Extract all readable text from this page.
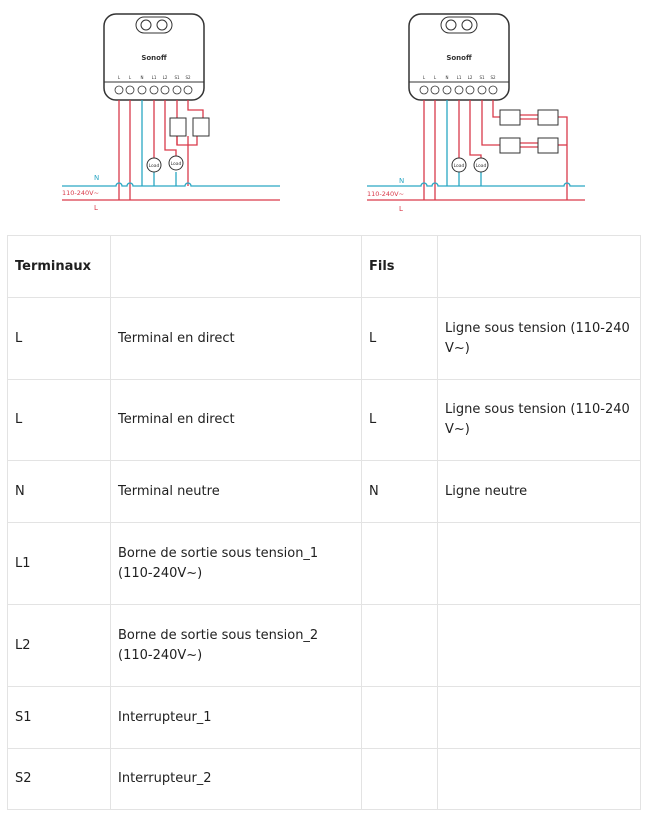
Sonoff
L L N L1 L2 S1 S2
Load Load
N
110-240V~
L
Sonoff
L L N L1 L2 S1 S2
Load Load
N
110-240V~
L
Terminaux		Fils	
L	Terminal en direct	L	Ligne sous tension (110-240 V~)
L	Terminal en direct	L	Ligne sous tension (110-240 V~)
N	Terminal neutre	N	Ligne neutre
L1	Borne de sortie sous tension_1 (110-240V~)		
L2	Borne de sortie sous tension_2 (110-240V~)		
S1	Interrupteur_1		
S2	Interrupteur_2		
